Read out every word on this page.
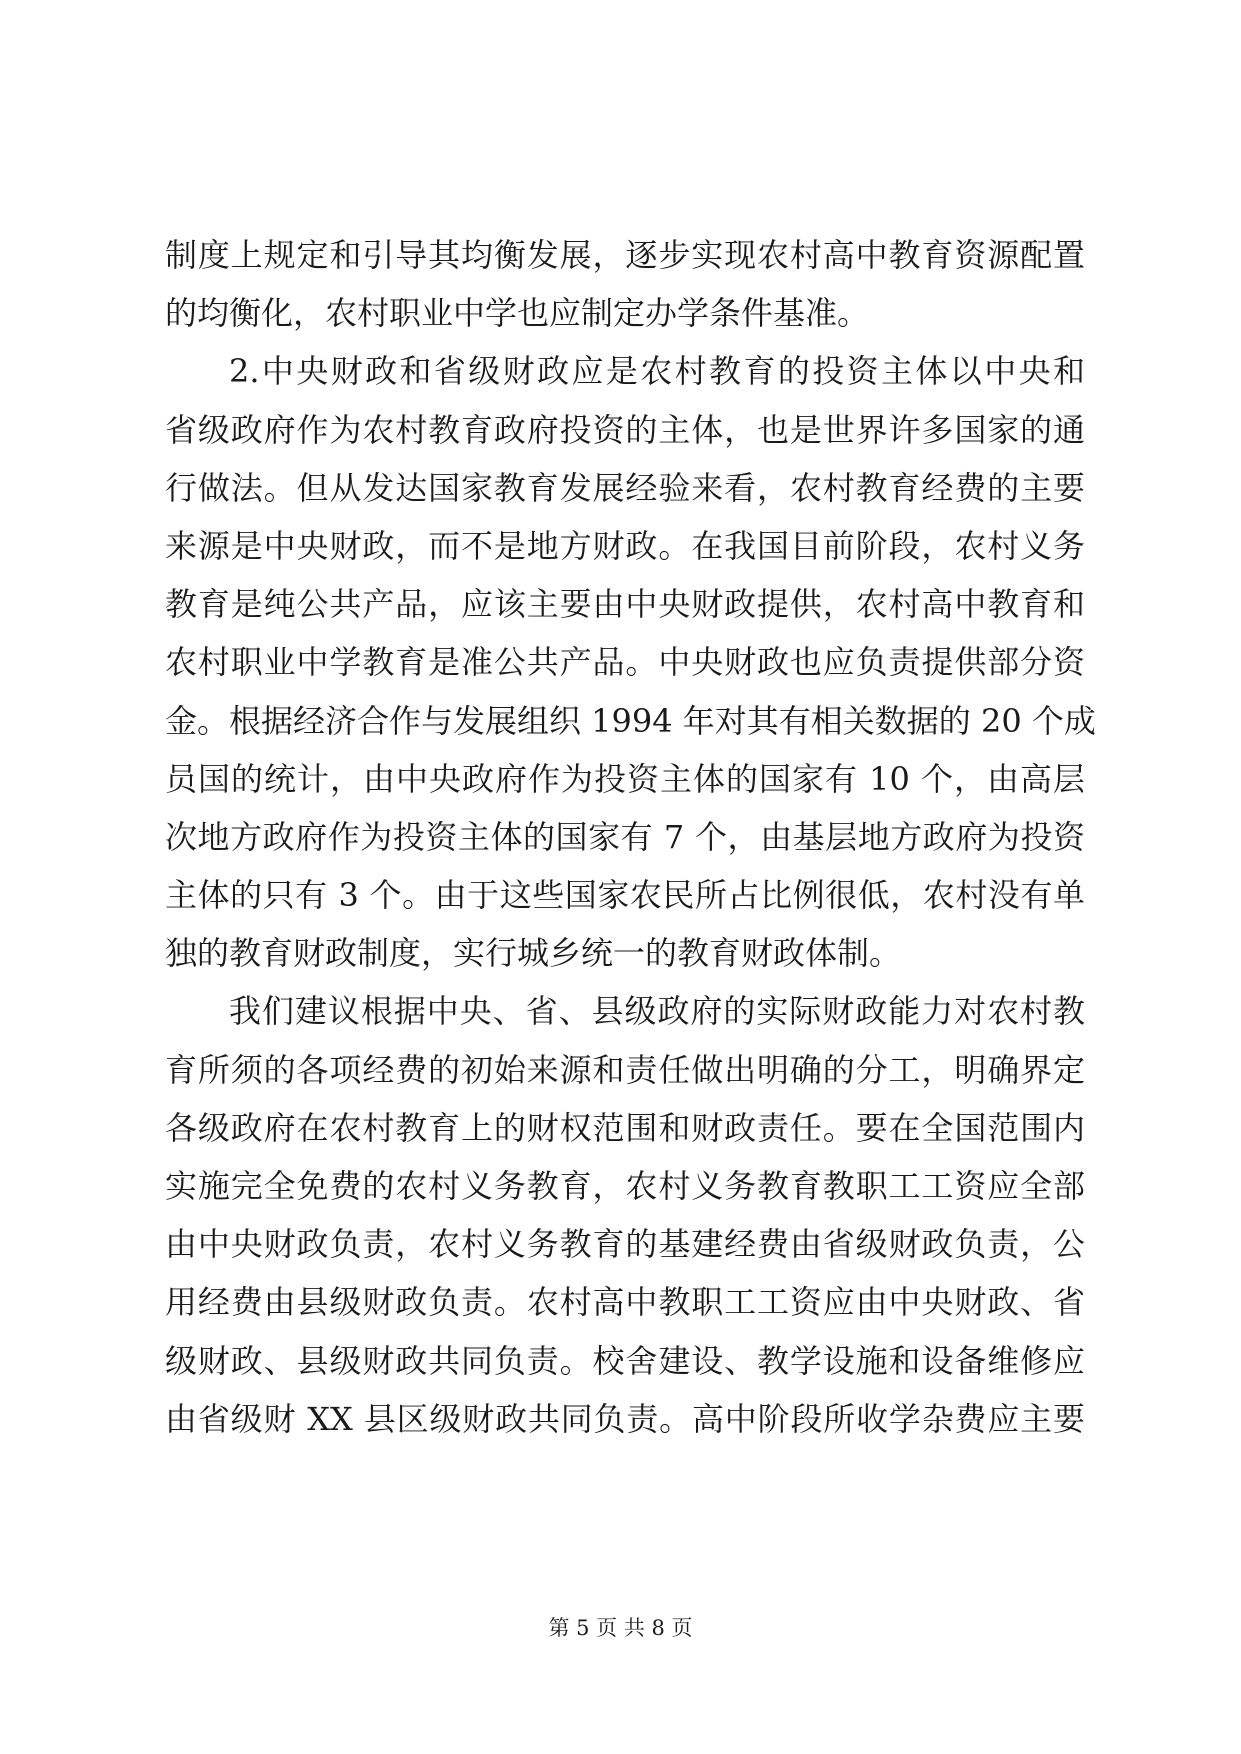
制度上规定和引导其均衡发展，逐步实现农村高中教育资源配置
的均衡化，农村职业中学也应制定办学条件基准。
2.中央财政和省级财政应是农村教育的投资主体以中央和
省级政府作为农村教育政府投资的主体，也是世界许多国家的通
行做法。但从发达国家教育发展经验来看，农村教育经费的主要
来源是中央财政，而不是地方财政。在我国目前阶段，农村义务
教育是纯公共产品，应该主要由中央财政提供，农村高中教育和
农村职业中学教育是准公共产品。中央财政也应负责提供部分资
金。根据经济合作与发展组织 1994 年对其有相关数据的 20 个成
员国的统计，由中央政府作为投资主体的国家有 10 个，由高层
次地方政府作为投资主体的国家有 7 个，由基层地方政府为投资
主体的只有 3 个。由于这些国家农民所占比例很低，农村没有单
独的教育财政制度，实行城乡统一的教育财政体制。
我们建议根据中央、省、县级政府的实际财政能力对农村教
育所须的各项经费的初始来源和责任做出明确的分工，明确界定
各级政府在农村教育上的财权范围和财政责任。要在全国范围内
实施完全免费的农村义务教育，农村义务教育教职工工资应全部
由中央财政负责，农村义务教育的基建经费由省级财政负责，公
用经费由县级财政负责。农村高中教职工工资应由中央财政、省
级财政、县级财政共同负责。校舍建设、教学设施和设备维修应
由省级财 XX 县区级财政共同负责。高中阶段所收学杂费应主要
第 5 页 共 8 页
